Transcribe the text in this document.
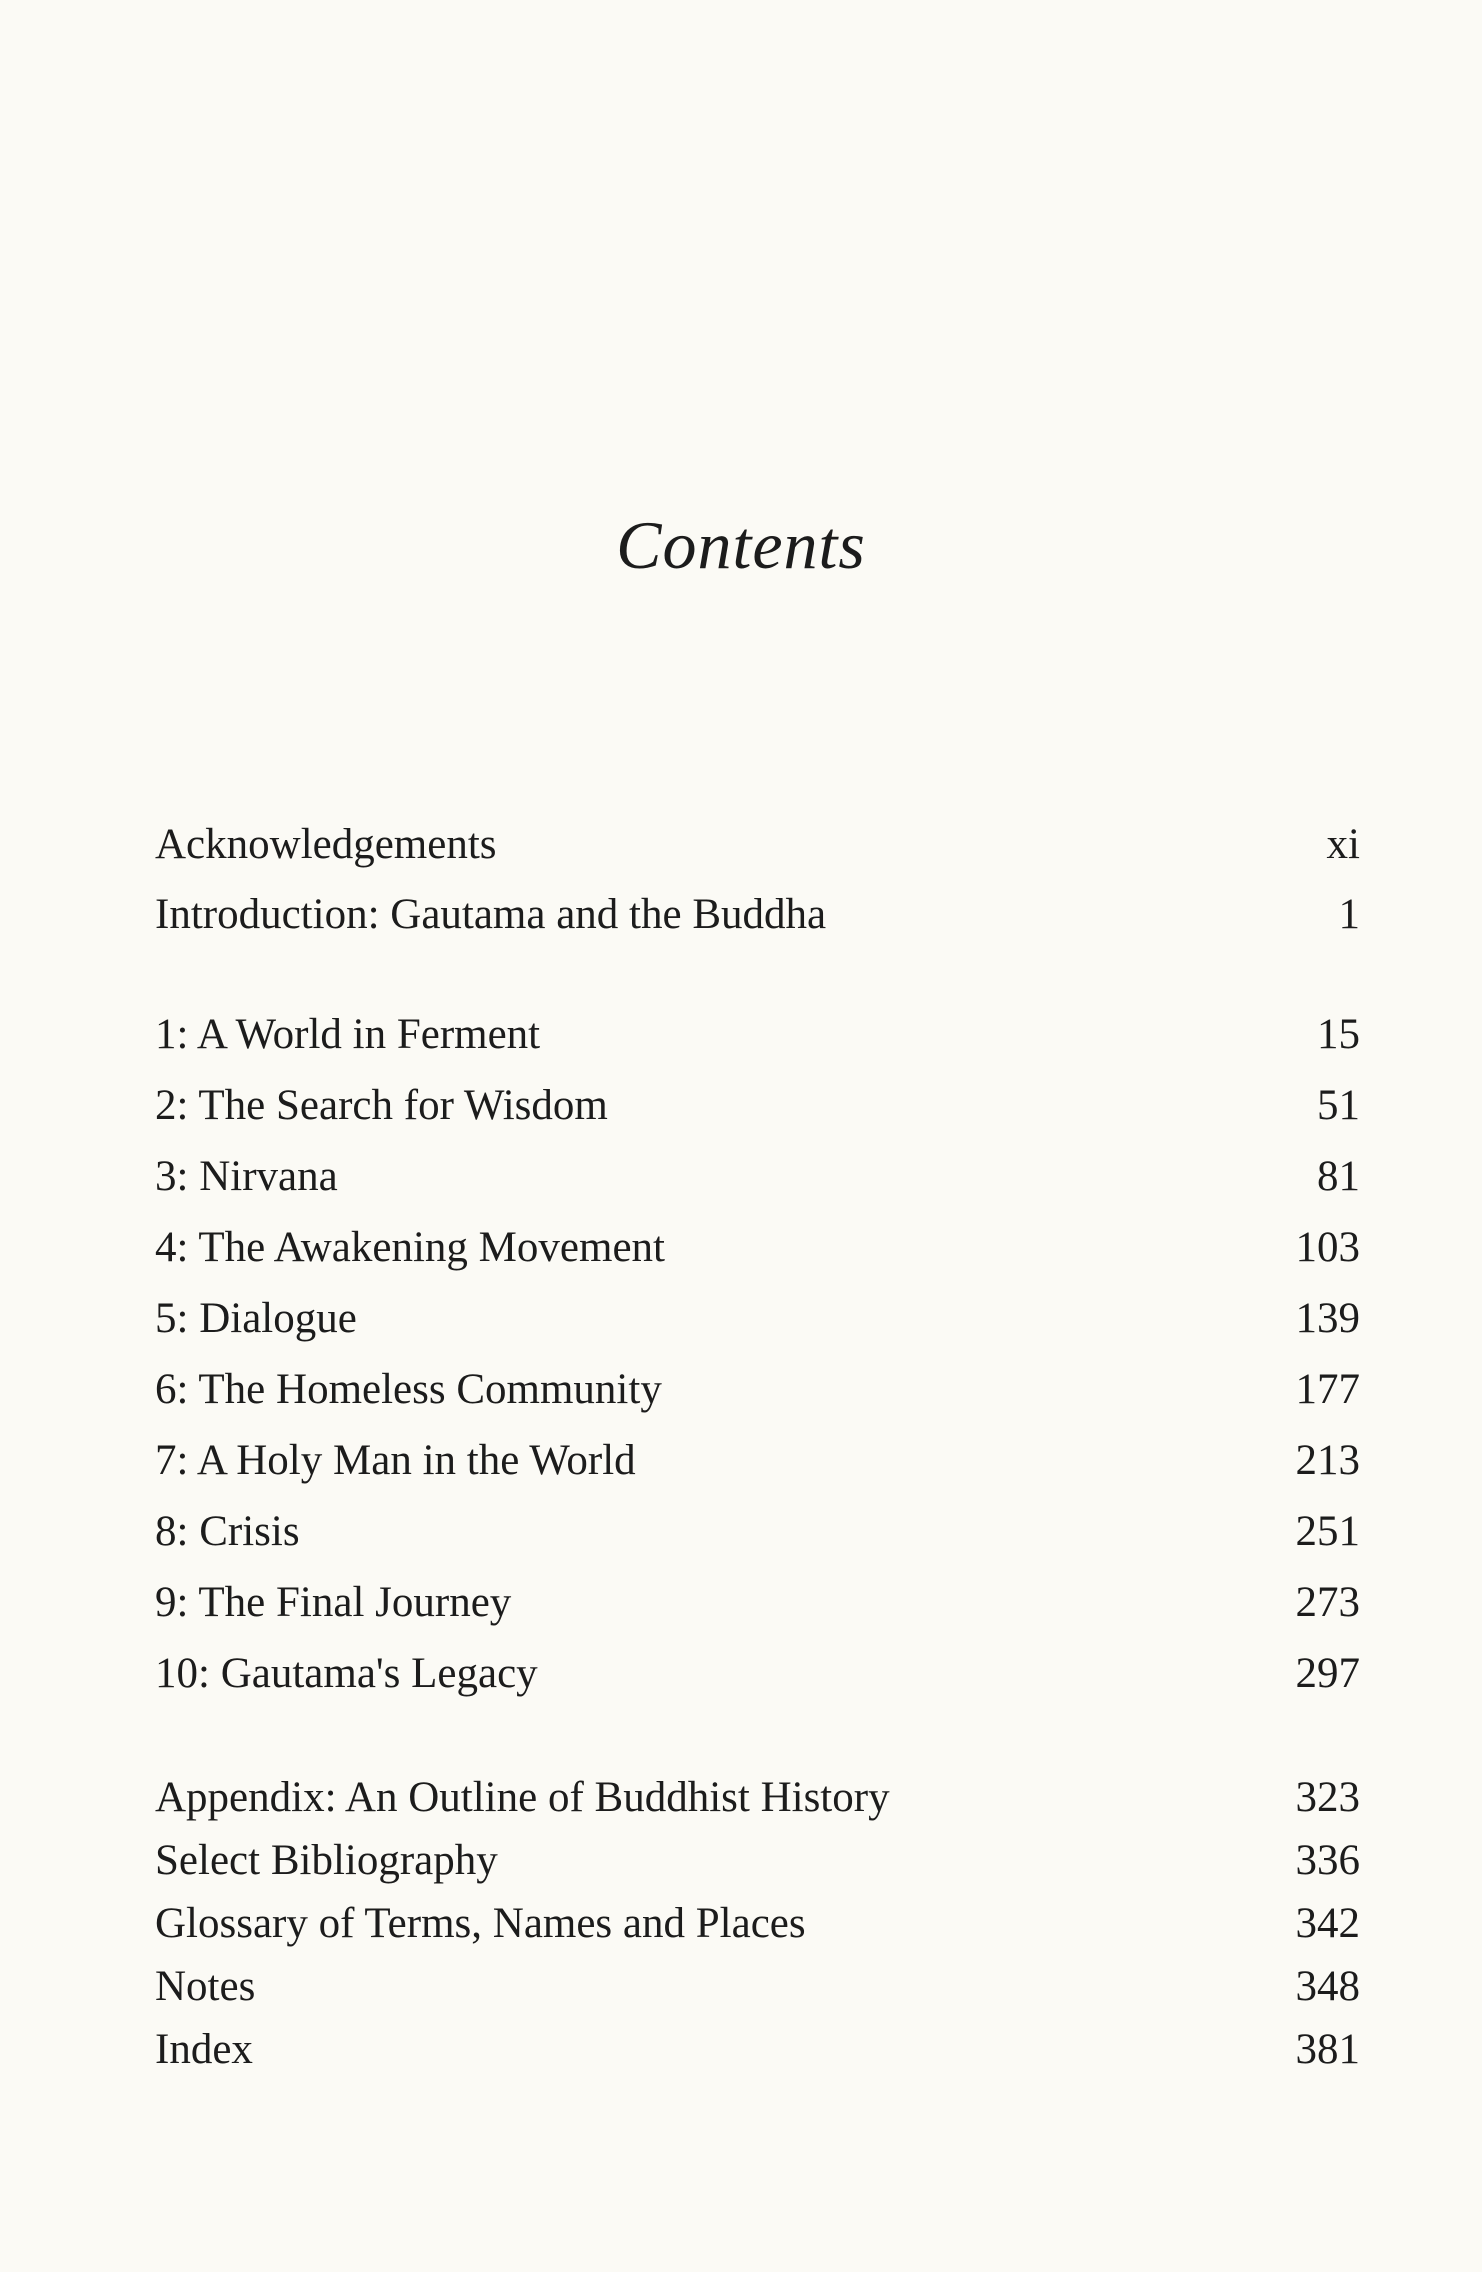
Contents
Acknowledgements	xi
Introduction: Gautama and the Buddha	1
1: A World in Ferment	15
2: The Search for Wisdom	51
3: Nirvana	81
4: The Awakening Movement	103
5: Dialogue	139
6: The Homeless Community	177
7: A Holy Man in the World	213
8: Crisis	251
9: The Final Journey	273
10: Gautama's Legacy	297
Appendix: An Outline of Buddhist History	323
Select Bibliography	336
Glossary of Terms, Names and Places	342
Notes	348
Index	381
